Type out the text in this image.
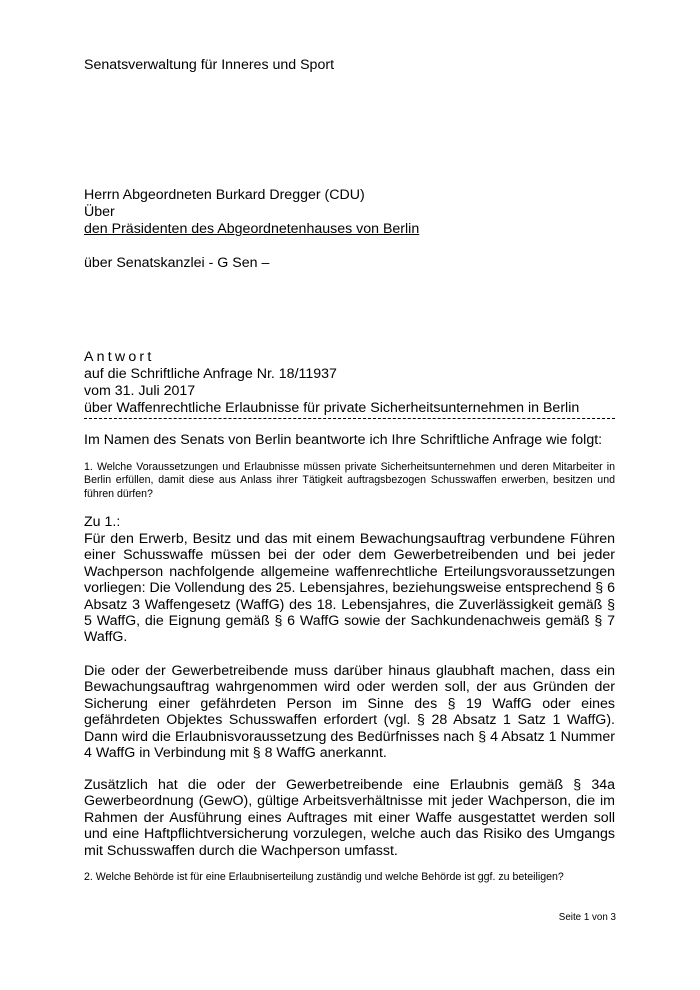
Senatsverwaltung für Inneres und Sport
Herrn Abgeordneten Burkard Dregger (CDU)
Über
den Präsidenten des Abgeordnetenhauses von Berlin
über Senatskanzlei - G Sen –
Antwort
auf die Schriftliche Anfrage Nr. 18/11937
vom 31. Juli 2017
über Waffenrechtliche Erlaubnisse für private Sicherheitsunternehmen in Berlin
Im Namen des Senats von Berlin beantworte ich Ihre Schriftliche Anfrage wie folgt:
1. Welche Voraussetzungen und Erlaubnisse müssen private Sicherheitsunternehmen und deren Mitarbeiter in Berlin erfüllen, damit diese aus Anlass ihrer Tätigkeit auftragsbezogen Schusswaffen erwerben, besitzen und führen dürfen?
Zu 1.:
Für den Erwerb, Besitz und das mit einem Bewachungsauftrag verbundene Führen einer Schusswaffe müssen bei der oder dem Gewerbetreibenden und bei jeder Wachperson nachfolgende allgemeine waffenrechtliche Erteilungsvoraussetzungen vorliegen: Die Vollendung des 25. Lebensjahres, beziehungsweise entsprechend § 6 Absatz 3 Waffengesetz (WaffG) des 18. Lebensjahres, die Zuverlässigkeit gemäß § 5 WaffG, die Eignung gemäß § 6 WaffG sowie der Sachkundenachweis gemäß § 7 WaffG.
Die oder der Gewerbetreibende muss darüber hinaus glaubhaft machen, dass ein Bewachungsauftrag wahrgenommen wird oder werden soll, der aus Gründen der Sicherung einer gefährdeten Person im Sinne des § 19 WaffG oder eines gefährdeten Objektes Schusswaffen erfordert (vgl. § 28 Absatz 1 Satz 1 WaffG). Dann wird die Erlaubnisvoraussetzung des Bedürfnisses nach § 4 Absatz 1 Nummer 4 WaffG in Verbindung mit § 8 WaffG anerkannt.
Zusätzlich hat die oder der Gewerbetreibende eine Erlaubnis gemäß § 34a Gewerbeordnung (GewO), gültige Arbeitsverhältnisse mit jeder Wachperson, die im Rahmen der Ausführung eines Auftrages mit einer Waffe ausgestattet werden soll und eine Haftpflichtversicherung vorzulegen, welche auch das Risiko des Umgangs mit Schusswaffen durch die Wachperson umfasst.
2. Welche Behörde ist für eine Erlaubniserteilung zuständig und welche Behörde ist ggf. zu beteiligen?
Seite 1 von 3
